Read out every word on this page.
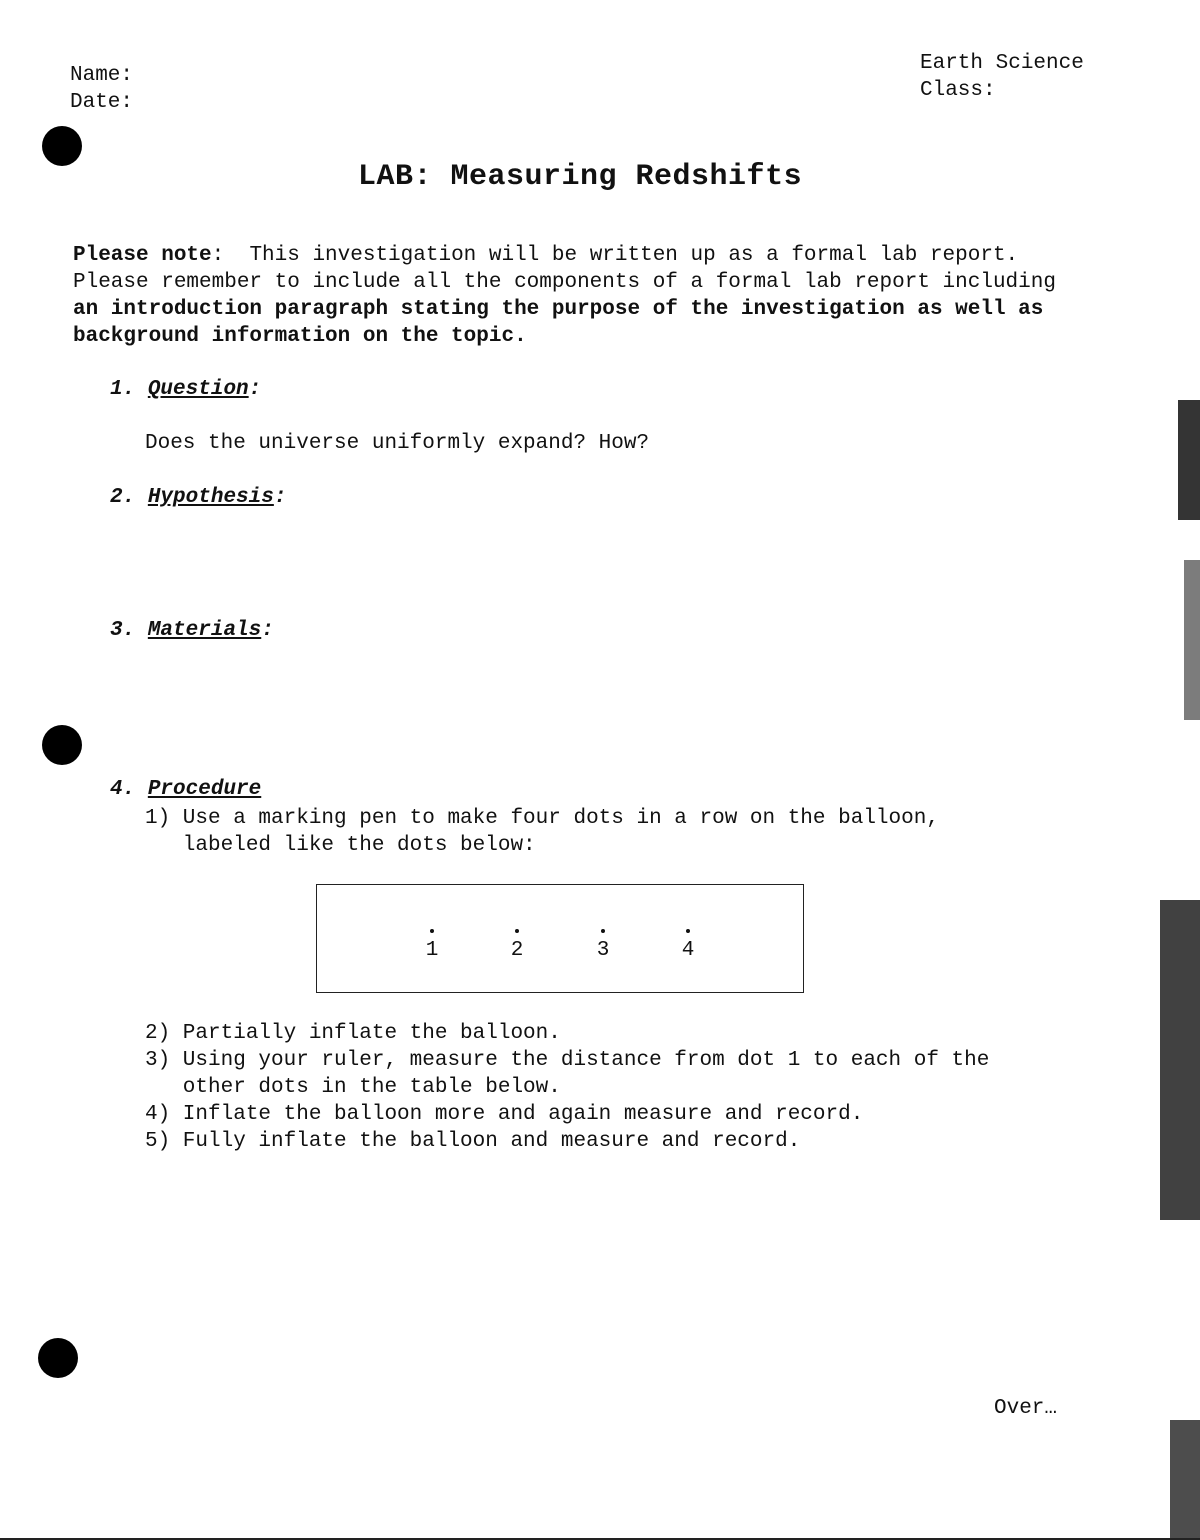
Name:
Date:
Earth Science
Class:
LAB: Measuring Redshifts
Please note:  This investigation will be written up as a formal lab report.  Please remember to include all the components of a formal lab report including an introduction paragraph stating the purpose of the investigation as well as background information on the topic.
1. Question:
Does the universe uniformly expand? How?
2. Hypothesis:
3. Materials:
4. Procedure
1) Use a marking pen to make four dots in a row on the balloon,
labeled like the dots below:
1	2	3	4
2) Partially inflate the balloon.
3) Using your ruler, measure the distance from dot 1 to each of the
other dots in the table below.
4) Inflate the balloon more and again measure and record.
5) Fully inflate the balloon and measure and record.
Over…
